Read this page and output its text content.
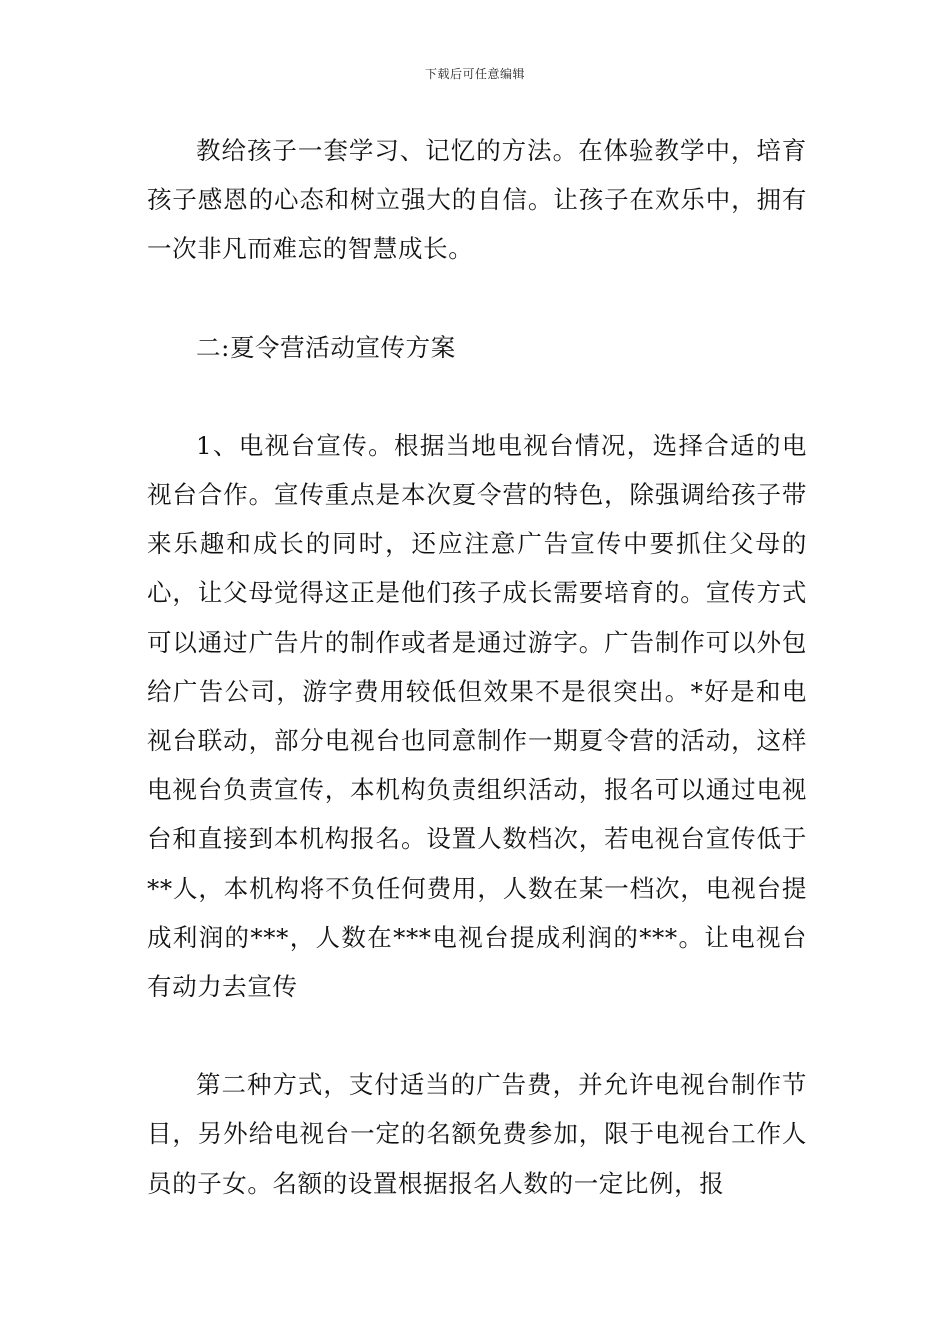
下载后可任意编辑

教给孩子一套学习、记忆的方法。在体验教学中，培育孩子感恩的心态和树立强大的自信。让孩子在欢乐中，拥有一次非凡而难忘的智慧成长。

二:夏令营活动宣传方案

1、电视台宣传。根据当地电视台情况，选择合适的电视台合作。宣传重点是本次夏令营的特色，除强调给孩子带来乐趣和成长的同时，还应注意广告宣传中要抓住父母的心，让父母觉得这正是他们孩子成长需要培育的。宣传方式可以通过广告片的制作或者是通过游字。广告制作可以外包给广告公司，游字费用较低但效果不是很突出。*好是和电视台联动，部分电视台也同意制作一期夏令营的活动，这样电视台负责宣传，本机构负责组织活动，报名可以通过电视台和直接到本机构报名。设置人数档次，若电视台宣传低于**人，本机构将不负任何费用，人数在某一档次，电视台提成利润的***，人数在***电视台提成利润的***。让电视台有动力去宣传

第二种方式，支付适当的广告费，并允许电视台制作节目，另外给电视台一定的名额免费参加，限于电视台工作人员的子女。名额的设置根据报名人数的一定比例，报
